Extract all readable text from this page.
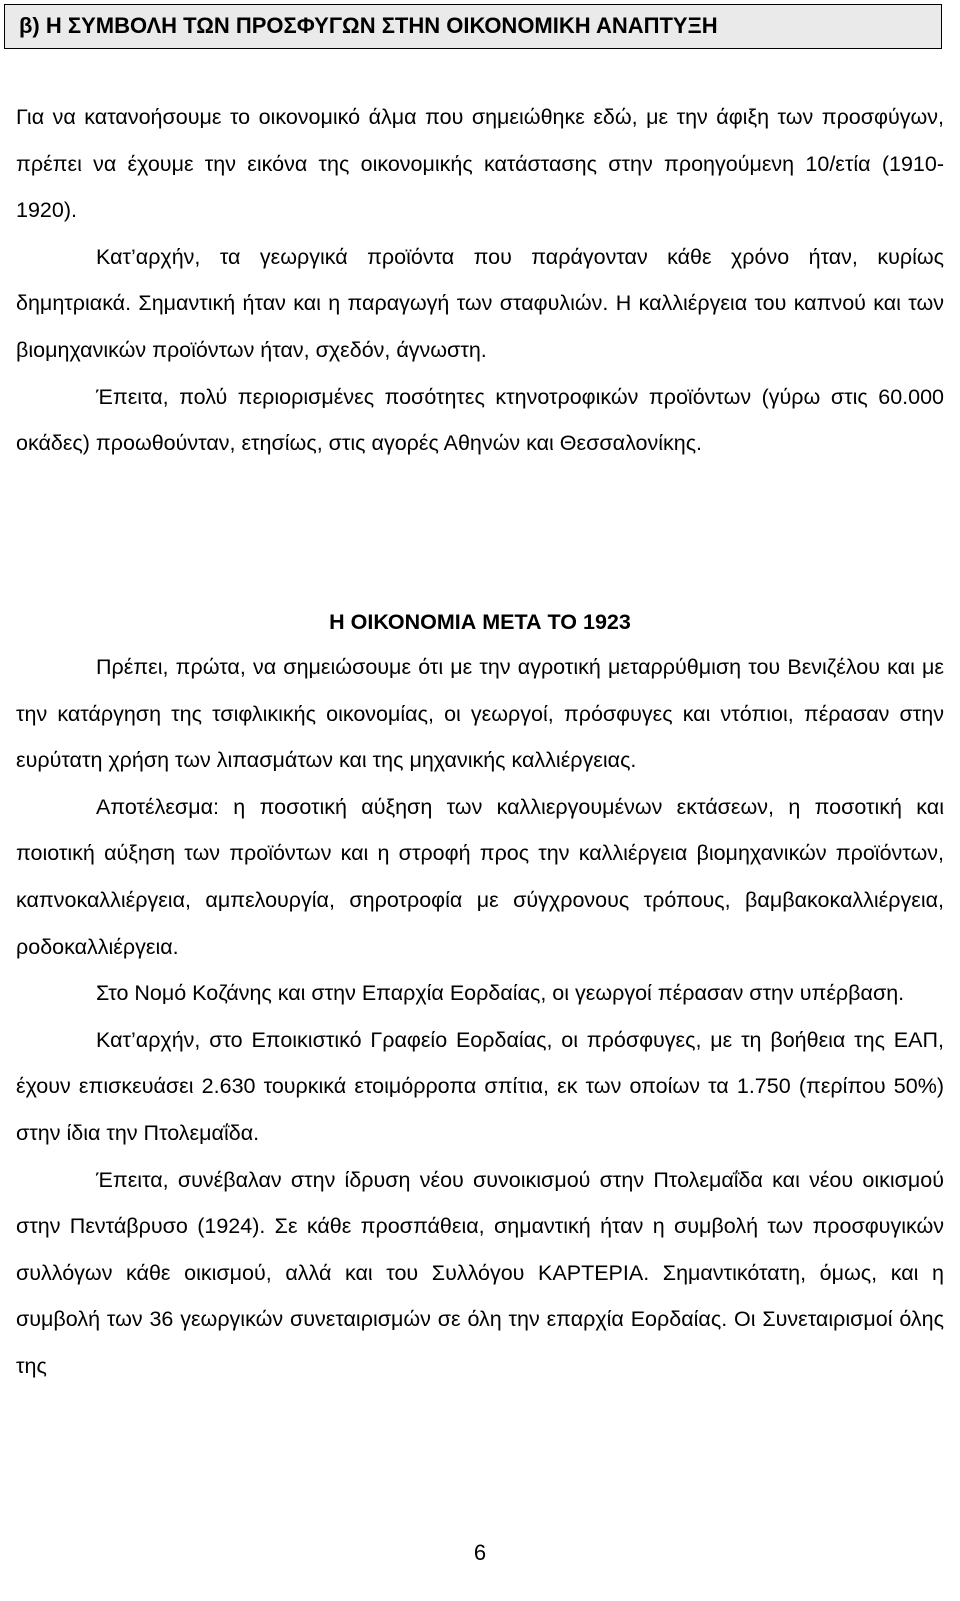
β) Η ΣΥΜΒΟΛΗ ΤΩΝ ΠΡΟΣΦΥΓΩΝ ΣΤΗΝ ΟΙΚΟΝΟΜΙΚΗ ΑΝΑΠΤΥΞΗ

Για να κατανοήσουμε το οικονομικό άλμα που σημειώθηκε εδώ, με την άφιξη των προσφύγων, πρέπει να έχουμε την εικόνα της οικονομικής κατάστασης στην προηγούμενη 10/ετία (1910-1920).

Κατ’αρχήν, τα γεωργικά προϊόντα που παράγονταν κάθε χρόνο ήταν, κυρίως δημητριακά. Σημαντική ήταν και η παραγωγή των σταφυλιών. Η καλλιέργεια του καπνού και των βιομηχανικών προϊόντων ήταν, σχεδόν, άγνωστη.

Έπειτα, πολύ περιορισμένες ποσότητες κτηνοτροφικών προϊόντων (γύρω στις 60.000 οκάδες) προωθούνταν, ετησίως, στις αγορές Αθηνών και Θεσσαλονίκης.

Η ΟΙΚΟΝΟΜΙΑ ΜΕΤΑ ΤΟ 1923

Πρέπει, πρώτα, να σημειώσουμε ότι με την αγροτική μεταρρύθμιση του Βενιζέλου και με την κατάργηση της τσιφλικικής οικονομίας, οι γεωργοί, πρόσφυγες και ντόπιοι, πέρασαν στην ευρύτατη χρήση των λιπασμάτων και της μηχανικής καλλιέργειας.

Αποτέλεσμα: η ποσοτική αύξηση των καλλιεργουμένων εκτάσεων, η ποσοτική και ποιοτική αύξηση των προϊόντων και η στροφή προς την καλλιέργεια βιομηχανικών προϊόντων, καπνοκαλλιέργεια, αμπελουργία, σηροτροφία με σύγχρονους τρόπους, βαμβακοκαλλιέργεια, ροδοκαλλιέργεια.

Στο Νομό Κοζάνης και στην Επαρχία Εορδαίας, οι γεωργοί πέρασαν στην υπέρβαση.

Κατ’αρχήν, στο Εποικιστικό Γραφείο Εορδαίας, οι πρόσφυγες, με τη βοήθεια της ΕΑΠ, έχουν επισκευάσει 2.630 τουρκικά ετοιμόρροπα σπίτια, εκ των οποίων τα 1.750 (περίπου 50%) στην ίδια την Πτολεμαΐδα.

Έπειτα, συνέβαλαν στην ίδρυση νέου συνοικισμού στην Πτολεμαΐδα και νέου οικισμού στην Πεντάβρυσο (1924). Σε κάθε προσπάθεια, σημαντική ήταν η συμβολή των προσφυγικών συλλόγων κάθε οικισμού, αλλά και του Συλλόγου ΚΑΡΤΕΡΙΑ. Σημαντικότατη, όμως, και η συμβολή των 36 γεωργικών συνεταιρισμών σε όλη την επαρχία Εορδαίας. Οι Συνεταιρισμοί όλης της

6
